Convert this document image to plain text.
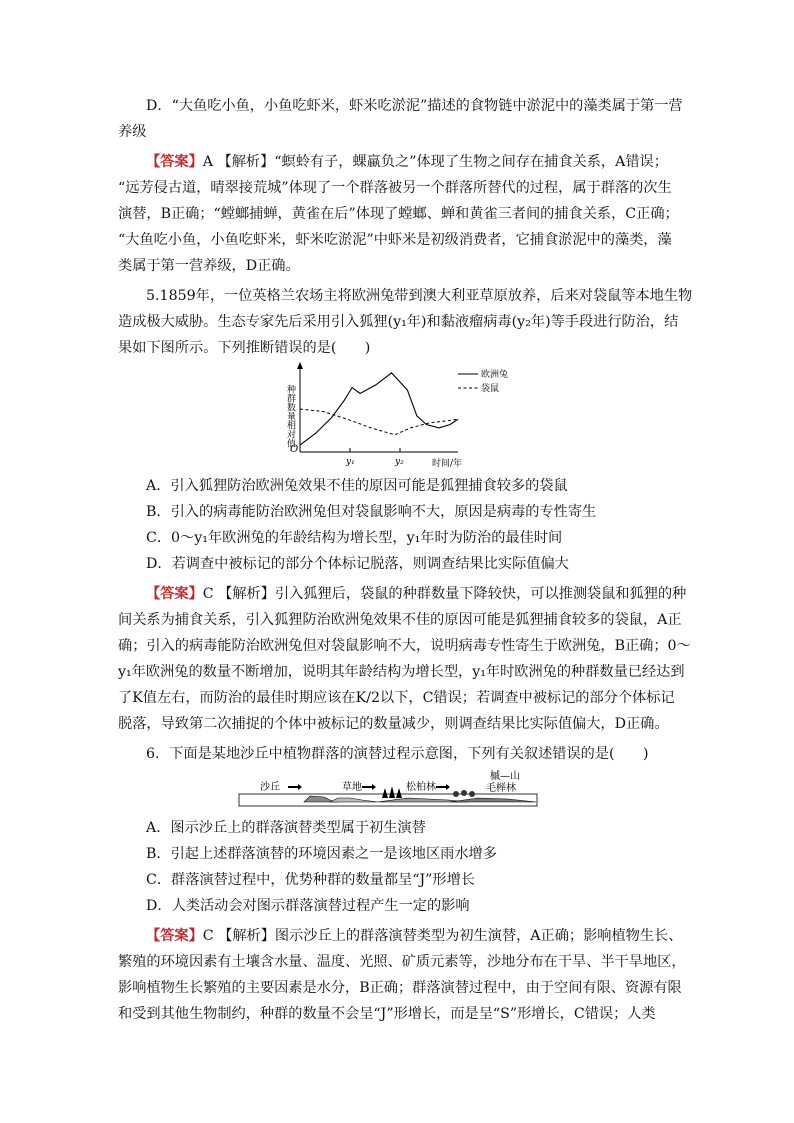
D．“大鱼吃小鱼，小鱼吃虾米，虾米吃淤泥”描述的食物链中淤泥中的藻类属于第一营
养级
【答案】A 【解析】“螟蛉有子，蜾蠃负之”体现了生物之间存在捕食关系，A错误；
“远芳侵古道，晴翠接荒城”体现了一个群落被另一个群落所替代的过程，属于群落的次生
演替，B正确；“螳螂捕蝉，黄雀在后”体现了螳螂、蝉和黄雀三者间的捕食关系，C正确；
“大鱼吃小鱼，小鱼吃虾米，虾米吃淤泥”中虾米是初级消费者，它捕食淤泥中的藻类，藻
类属于第一营养级，D正确。
5.1859年，一位英格兰农场主将欧洲兔带到澳大利亚草原放养，后来对袋鼠等本地生物
造成极大威胁。生态专家先后采用引入狐狸(y₁年)和黏液瘤病毒(y₂年)等手段进行防治，结
果如下图所示。下列推断错误的是(　　)
O
种群数量相对值
y₁	y₂	时间/年
欧洲兔
袋鼠
A．引入狐狸防治欧洲兔效果不佳的原因可能是狐狸捕食较多的袋鼠
B．引入的病毒能防治欧洲兔但对袋鼠影响不大，原因是病毒的专性寄生
C．0～y₁年欧洲兔的年龄结构为增长型，y₁年时为防治的最佳时间
D．若调查中被标记的部分个体标记脱落，则调查结果比实际值偏大
【答案】C 【解析】引入狐狸后，袋鼠的种群数量下降较快，可以推测袋鼠和狐狸的种
间关系为捕食关系，引入狐狸防治欧洲兔效果不佳的原因可能是狐狸捕食较多的袋鼠，A正
确；引入的病毒能防治欧洲兔但对袋鼠影响不大，说明病毒专性寄生于欧洲兔，B正确；0～
y₁年欧洲兔的数量不断增加，说明其年龄结构为增长型，y₁年时欧洲兔的种群数量已经达到
了K值左右，而防治的最佳时期应该在K/2以下，C错误；若调查中被标记的部分个体标记
脱落，导致第二次捕捉的个体中被标记的数量减少，则调查结果比实际值偏大，D正确。
6．下面是某地沙丘中植物群落的演替过程示意图，下列有关叙述错误的是(　　)
沙丘	草地	松柏林
槭—山
毛榉林
A．图示沙丘上的群落演替类型属于初生演替
B．引起上述群落演替的环境因素之一是该地区雨水增多
C．群落演替过程中，优势种群的数量都呈“J”形增长
D．人类活动会对图示群落演替过程产生一定的影响
【答案】C 【解析】图示沙丘上的群落演替类型为初生演替，A正确；影响植物生长、
繁殖的环境因素有土壤含水量、温度、光照、矿质元素等，沙地分布在干旱、半干旱地区，
影响植物生长繁殖的主要因素是水分，B正确；群落演替过程中，由于空间有限、资源有限
和受到其他生物制约，种群的数量不会呈“J”形增长，而是呈“S”形增长，C错误；人类
